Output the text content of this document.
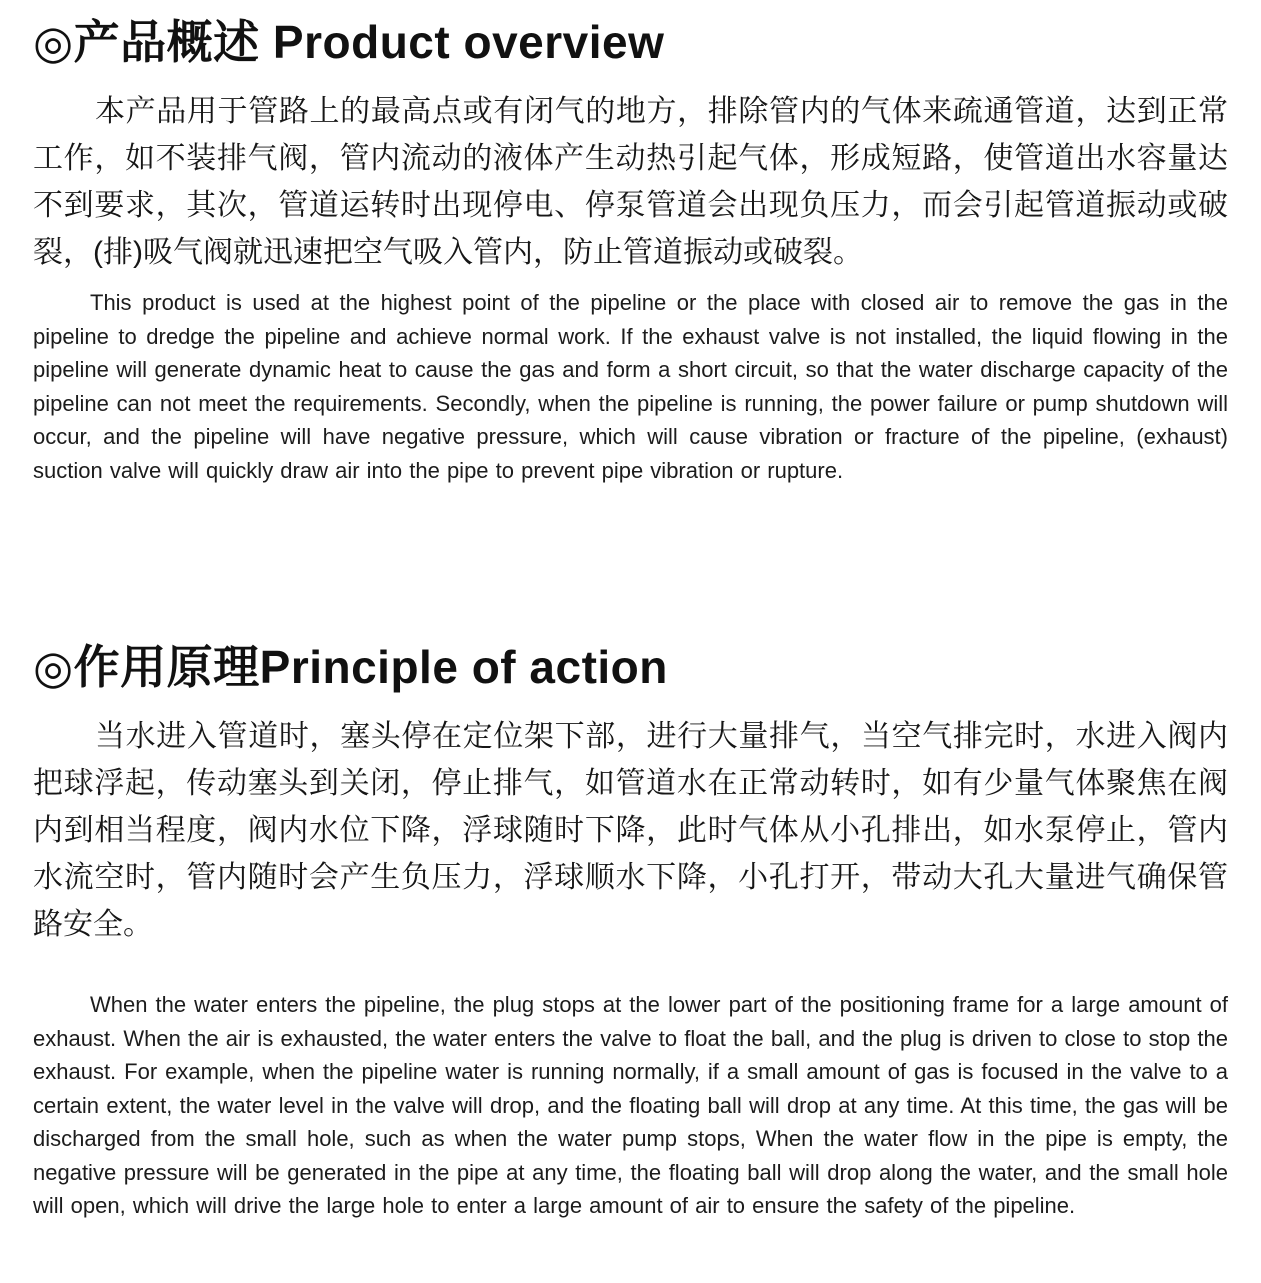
◎产品概述 Product overview

本产品用于管路上的最高点或有闭气的地方，排除管内的气体来疏通管道，达到正常工作，如不装排气阀，管内流动的液体产生动热引起气体，形成短路，使管道出水容量达不到要求，其次，管道运转时出现停电、停泵管道会出现负压力，而会引起管道振动或破裂，(排)吸气阀就迅速把空气吸入管内，防止管道振动或破裂。

This product is used at the highest point of the pipeline or the place with closed air to remove the gas in the pipeline to dredge the pipeline and achieve normal work. If the exhaust valve is not installed, the liquid flowing in the pipeline will generate dynamic heat to cause the gas and form a short circuit, so that the water discharge capacity of the pipeline can not meet the requirements. Secondly, when the pipeline is running, the power failure or pump shutdown will occur, and the pipeline will have negative pressure, which will cause vibration or fracture of the pipeline, (exhaust) suction valve will quickly draw air into the pipe to prevent pipe vibration or rupture.

◎作用原理Principle of action

当水进入管道时，塞头停在定位架下部，进行大量排气，当空气排完时，水进入阀内把球浮起，传动塞头到关闭，停止排气，如管道水在正常动转时，如有少量气体聚焦在阀内到相当程度，阀内水位下降，浮球随时下降，此时气体从小孔排出，如水泵停止，管内水流空时，管内随时会产生负压力，浮球顺水下降，小孔打开，带动大孔大量进气确保管路安全。

When the water enters the pipeline, the plug stops at the lower part of the positioning frame for a large amount of exhaust. When the air is exhausted, the water enters the valve to float the ball, and the plug is driven to close to stop the exhaust. For example, when the pipeline water is running normally, if a small amount of gas is focused in the valve to a certain extent, the water level in the valve will drop, and the floating ball will drop at any time. At this time, the gas will be discharged from the small hole, such as when the water pump stops, When the water flow in the pipe is empty, the negative pressure will be generated in the pipe at any time, the floating ball will drop along the water, and the small hole will open, which will drive the large hole to enter a large amount of air to ensure the safety of the pipeline.
